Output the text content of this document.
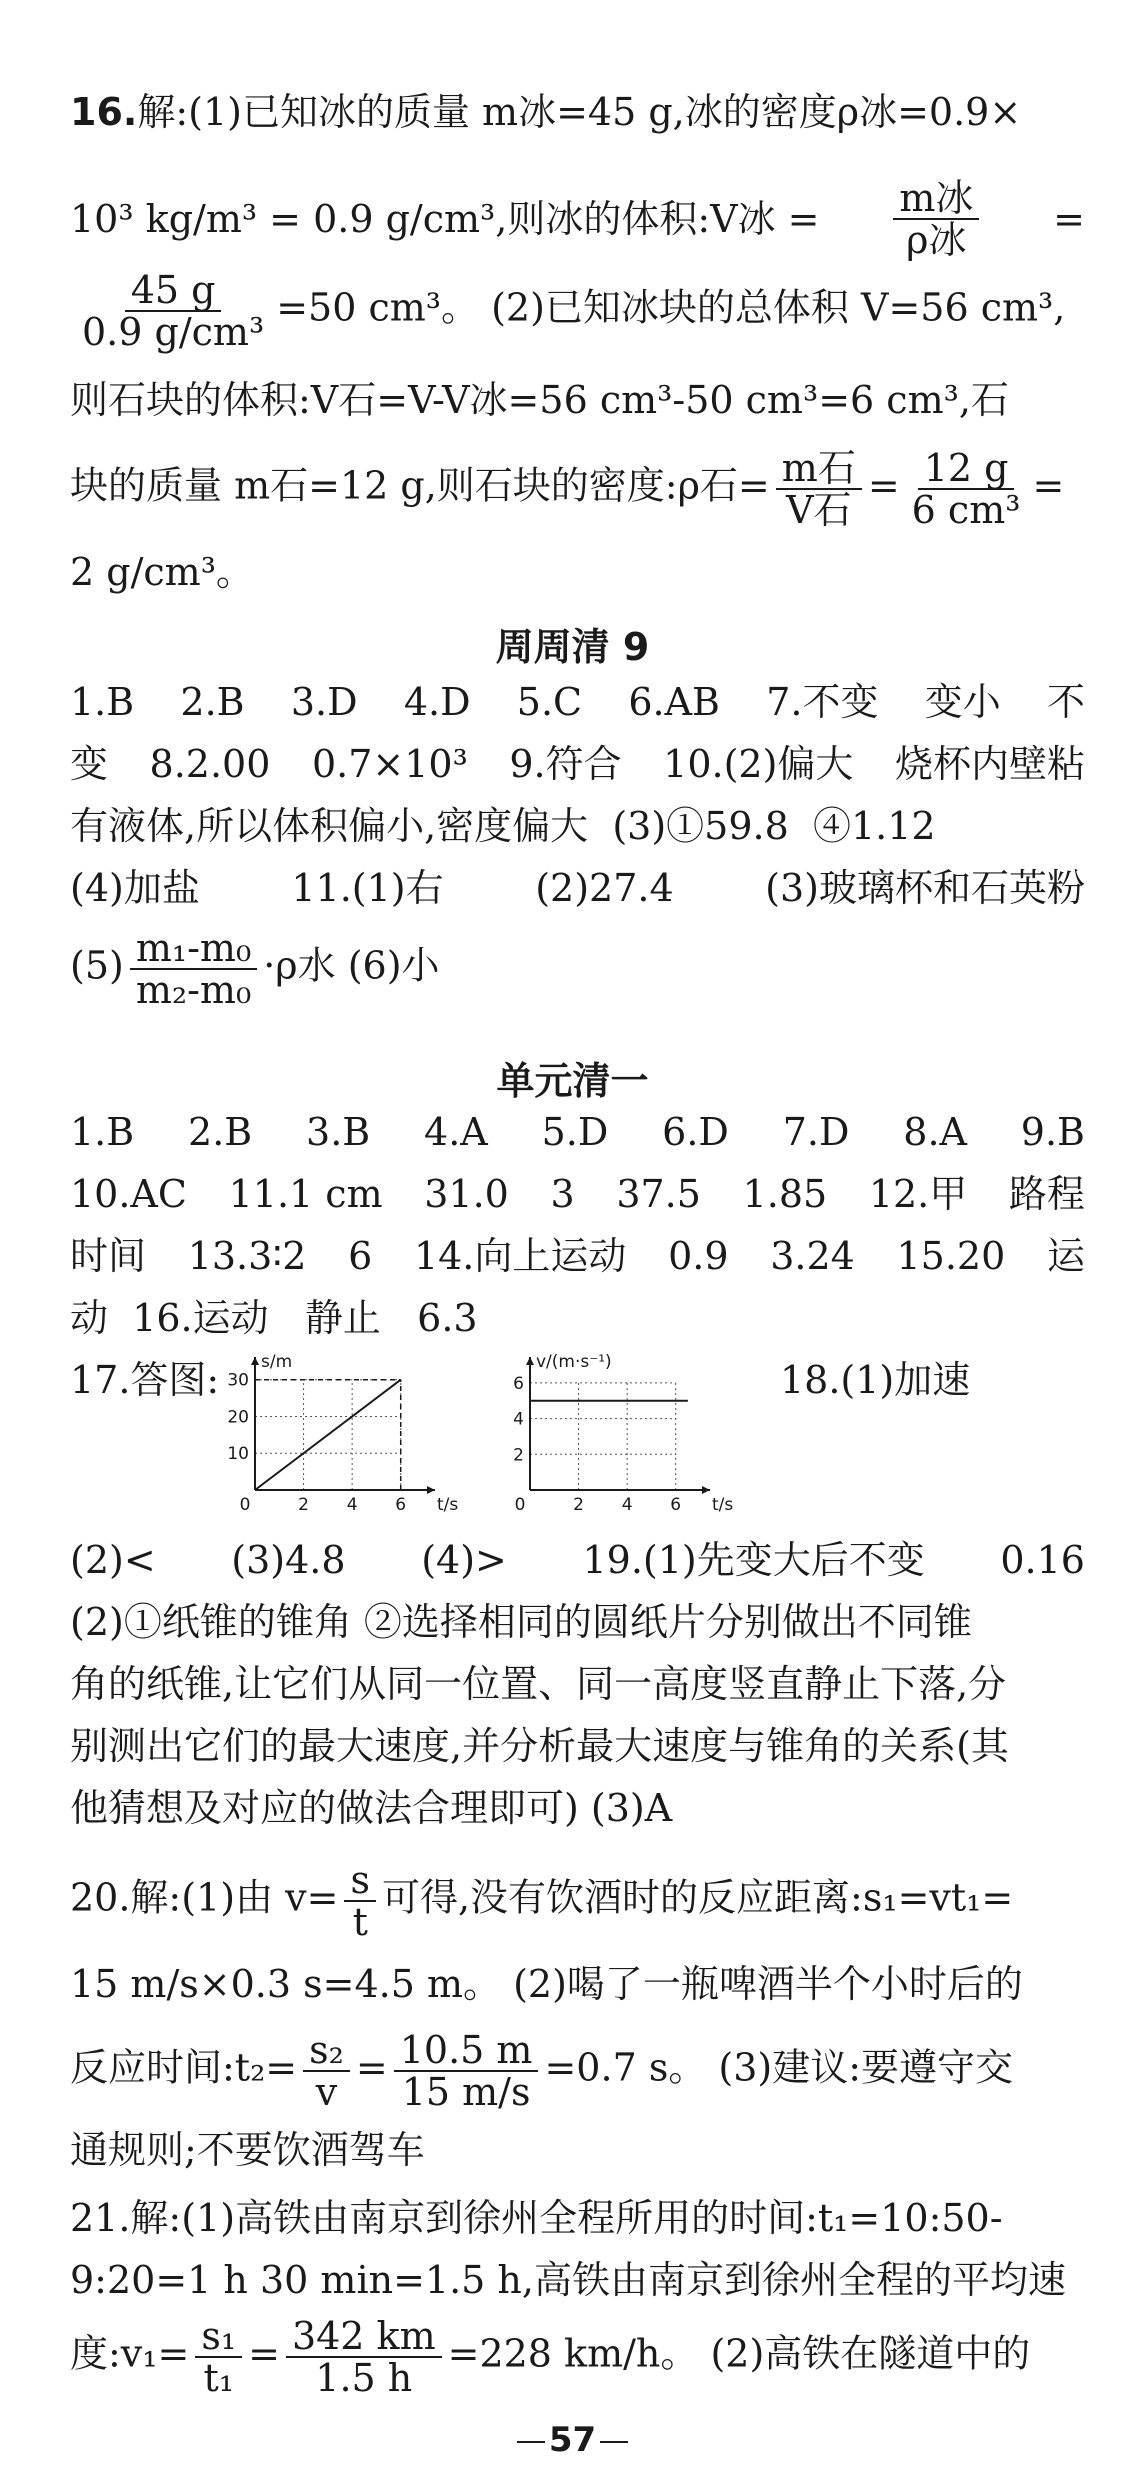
16.解:(1)已知冰的质量 m冰=45 g,冰的密度ρ冰=0.9×
10³ kg/m³ = 0.9 g/cm³,则冰的体积:V冰 = $\frac{\text{m冰}}{\text{ρ冰}}$ =
$\frac{45 g}{\text{0.9 g/cm³}} =50$ cm³。 (2)已知冰块的总体积 V=56 cm³,
则石块的体积:V石=V-V冰=56 cm³-50 cm³=6 cm³,石
块的质量 m石=12 g,则石块的密度:ρ石= $\frac{\text{m石}}{\text{V石}} = \frac{12 g}{\text{6 cm³}}$ =
2 g/cm³。
周周清 9
1.B 2.B 3.D 4.D 5.C 6.AB 7.不变 变小 不
变 8.2.00 0.7×10³ 9.符合 10.(2)偏大 烧杯内壁粘
有液体,所以体积偏小,密度偏大 (3)①59.8 ④1.12
(4)加盐 11.(1)右 (2)27.4 (3)玻璃杯和石英粉
$(5) \frac{\text{m₁-m₀}}{\text{m₂-m₀}} \cdot\rho$水 (6)小
单元清一
1.B 2.B 3.B 4.A 5.D 6.D 7.D 8.A 9.B
10.AC 11.1 cm 31.0 3 37.5 1.85 12.甲 路程
时间 13.3∶2 6 14.向上运动 0.9 3.24 15.20 运
动 16.运动 静止 6.3
17.答图:	18.(1)加速
10
20
30
0	2 4 6 t/s
s/m
2
4
6
0	2 4 6 t/s
v/(m·s⁻¹)
(2)< (3)4.8 (4)> 19.(1)先变大后不变 0.16
(2)①纸锥的锥角 ②选择相同的圆纸片分别做出不同锥
角的纸锥,让它们从同一位置、同一高度竖直静止下落,分
别测出它们的最大速度,并分析最大速度与锥角的关系(其
他猜想及对应的做法合理即可) (3)A
20.解:(1)由 $v= \frac{s}{t}$ 可得,没有饮酒时的反应距离:s₁=vt₁=
15 m/s×0.3 s=4.5 m。 (2)喝了一瓶啤酒半个小时后的
反应时间:t₂= $\frac{\text{s₂}}{v} = \frac{10.5 m}{15 m/s} =0.7$ s。 (3)建议:要遵守交
通规则;不要饮酒驾车
21.解:(1)高铁由南京到徐州全程所用的时间:t₁=10:50-
9:20=1 h 30 min=1.5 h,高铁由南京到徐州全程的平均速
度:v₁= $\frac{\text{s₁}}{\text{t₁}} = \frac{342 km}{1.5 h} =228$ km/h。 (2)高铁在隧道中的
57
